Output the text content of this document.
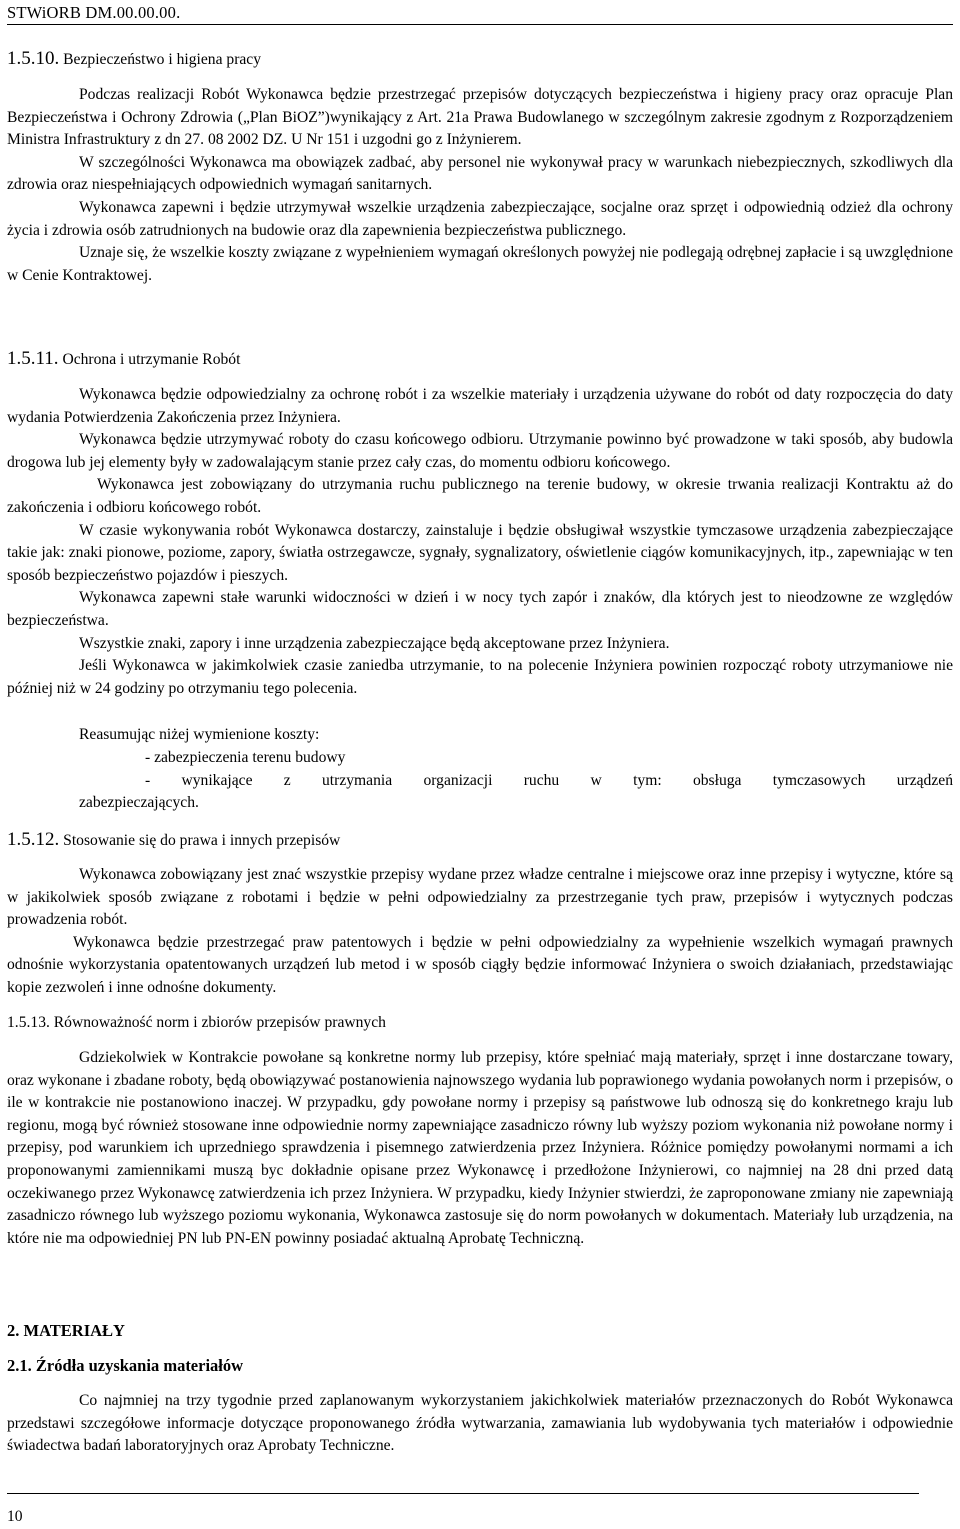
STWiORB DM.00.00.00.
1.5.10. Bezpieczeństwo i higiena pracy

Podczas realizacji Robót Wykonawca będzie przestrzegać przepisów dotyczących bezpieczeństwa i higieny pracy oraz opracuje Plan Bezpieczeństwa i Ochrony Zdrowia („Plan BiOZ”)wynikający z Art. 21a Prawa Budowlanego w szczególnym zakresie zgodnym z Rozporządzeniem Ministra Infrastruktury z dn 27. 08 2002 DZ. U Nr 151 i uzgodni go z Inżynierem.

W szczególności Wykonawca ma obowiązek zadbać, aby personel nie wykonywał pracy w warunkach niebezpiecznych, szkodliwych dla zdrowia oraz niespełniających odpowiednich wymagań sanitarnych.

Wykonawca zapewni i będzie utrzymywał wszelkie urządzenia zabezpieczające, socjalne oraz sprzęt i odpowiednią odzież dla ochrony życia i zdrowia osób zatrudnionych na budowie oraz dla zapewnienia bezpieczeństwa publicznego.

Uznaje się, że wszelkie koszty związane z wypełnieniem wymagań określonych powyżej nie podlegają odrębnej zapłacie i są uwzględnione w Cenie Kontraktowej.

1.5.11. Ochrona i utrzymanie Robót

Wykonawca będzie odpowiedzialny za ochronę robót i za wszelkie materiały i urządzenia używane do robót od daty rozpoczęcia do daty wydania Potwierdzenia Zakończenia przez Inżyniera.

Wykonawca będzie utrzymywać roboty do czasu końcowego odbioru. Utrzymanie powinno być prowadzone w taki sposób, aby budowla drogowa lub jej elementy były w zadowalającym stanie przez cały czas, do momentu odbioru końcowego.

Wykonawca jest zobowiązany do utrzymania ruchu publicznego na terenie budowy, w okresie trwania realizacji Kontraktu aż do zakończenia i odbioru końcowego robót.

W czasie wykonywania robót Wykonawca dostarczy, zainstaluje i będzie obsługiwał wszystkie tymczasowe urządzenia zabezpieczające takie jak: znaki pionowe, poziome, zapory, światła ostrzegawcze, sygnały, sygnalizatory, oświetlenie ciągów komunikacyjnych, itp., zapewniając w ten sposób bezpieczeństwo pojazdów i pieszych.

Wykonawca zapewni stałe warunki widoczności w dzień i w nocy tych zapór i znaków, dla których jest to nieodzowne ze względów bezpieczeństwa.

Wszystkie znaki, zapory i inne urządzenia zabezpieczające będą akceptowane przez Inżyniera.

Jeśli Wykonawca w jakimkolwiek czasie zaniedba utrzymanie, to na polecenie Inżyniera powinien rozpocząć roboty utrzymaniowe nie później niż w 24 godziny po otrzymaniu tego polecenia.

Reasumując niżej wymienione koszty:
- zabezpieczenia terenu budowy
- wynikające z utrzymania organizacji ruchu w tym: obsługa tymczasowych urządzeń
zabezpieczających.
1.5.12. Stosowanie się do prawa i innych przepisów

Wykonawca zobowiązany jest znać wszystkie przepisy wydane przez władze centralne i miejscowe oraz inne przepisy i wytyczne, które są w jakikolwiek sposób związane z robotami i będzie w pełni odpowiedzialny za przestrzeganie tych praw, przepisów i wytycznych podczas prowadzenia robót.

Wykonawca będzie przestrzegać praw patentowych i będzie w pełni odpowiedzialny za wypełnienie wszelkich wymagań prawnych odnośnie wykorzystania opatentowanych urządzeń lub metod i w sposób ciągły będzie informować Inżyniera o swoich działaniach, przedstawiając kopie zezwoleń i inne odnośne dokumenty.

1.5.13. Równoważność norm i zbiorów przepisów prawnych

Gdziekolwiek w Kontrakcie powołane są konkretne normy lub przepisy, które spełniać mają materiały, sprzęt i inne dostarczane towary, oraz wykonane i zbadane roboty, będą obowiązywać postanowienia najnowszego wydania lub poprawionego wydania powołanych norm i przepisów, o ile w kontrakcie nie postanowiono inaczej. W przypadku, gdy powołane normy i przepisy są państwowe lub odnoszą się do konkretnego kraju lub regionu, mogą być również stosowane inne odpowiednie normy zapewniające zasadniczo równy lub wyższy poziom wykonania niż powołane normy i przepisy, pod warunkiem ich uprzedniego sprawdzenia i pisemnego zatwierdzenia przez Inżyniera. Różnice pomiędzy powołanymi normami a ich proponowanymi zamiennikami muszą byc dokładnie opisane przez Wykonawcę i przedłożone Inżynierowi, co najmniej na 28 dni przed datą oczekiwanego przez Wykonawcę zatwierdzenia ich przez Inżyniera. W przypadku, kiedy Inżynier stwierdzi, że zaproponowane zmiany nie zapewniają zasadniczo równego lub wyższego poziomu wykonania, Wykonawca zastosuje się do norm powołanych w dokumentach. Materiały lub urządzenia, na które nie ma odpowiedniej PN lub PN-EN powinny posiadać aktualną Aprobatę Techniczną.

2. MATERIAŁY
2.1. Źródła uzyskania materiałów

Co najmniej na trzy tygodnie przed zaplanowanym wykorzystaniem jakichkolwiek materiałów przeznaczonych do Robót Wykonawca przedstawi szczegółowe informacje dotyczące proponowanego źródła wytwarzania, zamawiania lub wydobywania tych materiałów i odpowiednie świadectwa badań laboratoryjnych oraz Aprobaty Techniczne.

10
